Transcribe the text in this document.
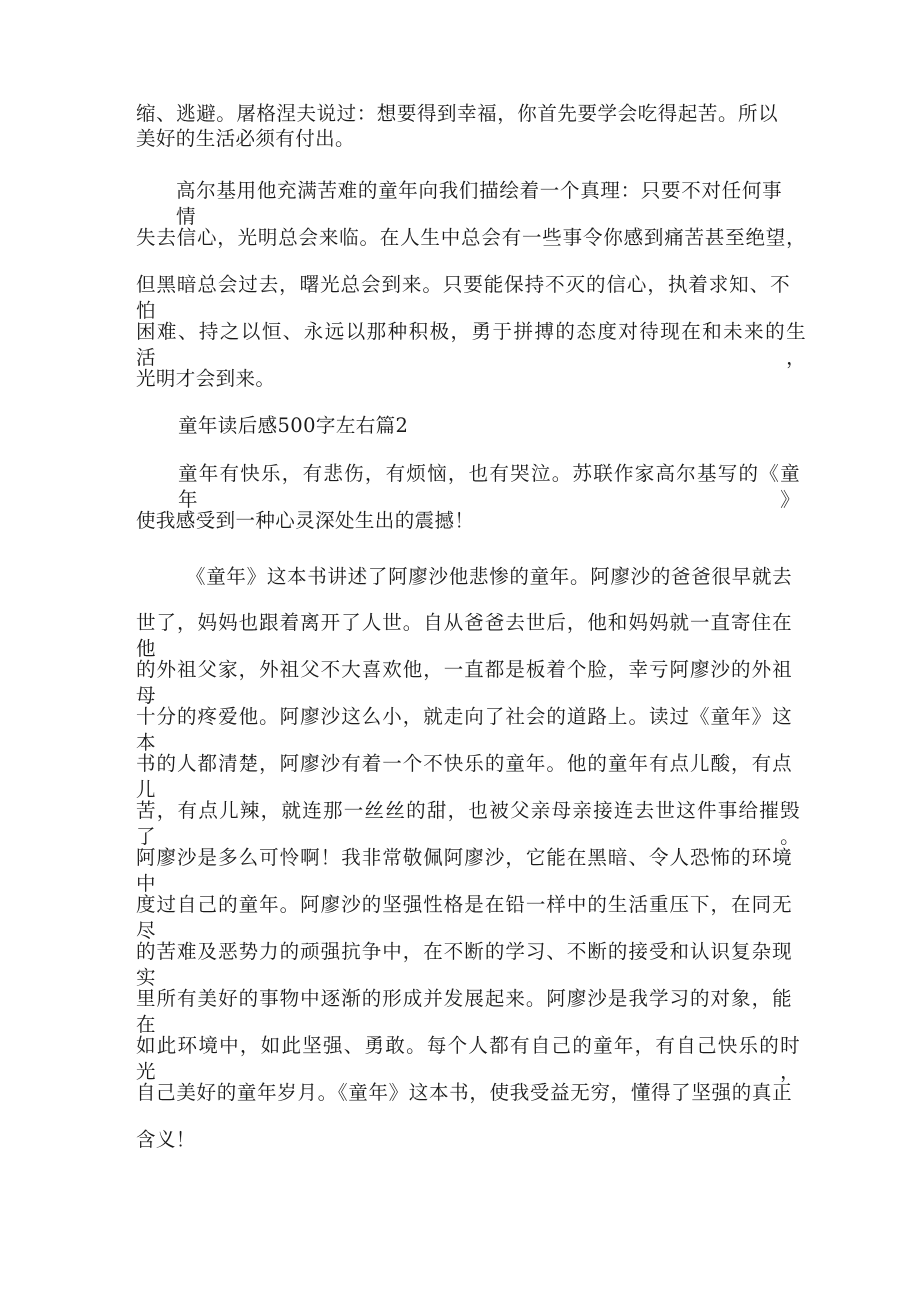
缩、逃避。屠格涅夫说过：想要得到幸福，你首先要学会吃得起苦。所以

美好的生活必须有付出。

高尔基用他充满苦难的童年向我们描绘着一个真理：只要不对任何事情

失去信心，光明总会来临。在人生中总会有一些事令你感到痛苦甚至绝望，

但黑暗总会过去，曙光总会到来。只要能保持不灭的信心，执着求知、不怕

困难、持之以恒、永远以那种积极，勇于拼搏的态度对待现在和未来的生活，

光明才会到来。

童年读后感500字左右篇2

童年有快乐，有悲伤，有烦恼，也有哭泣。苏联作家高尔基写的《童年》

使我感受到一种心灵深处生出的震撼！

《童年》这本书讲述了阿廖沙他悲惨的童年。阿廖沙的爸爸很早就去

世了，妈妈也跟着离开了人世。自从爸爸去世后，他和妈妈就一直寄住在他

的外祖父家，外祖父不大喜欢他，一直都是板着个脸，幸亏阿廖沙的外祖母

十分的疼爱他。阿廖沙这么小，就走向了社会的道路上。读过《童年》这本

书的人都清楚，阿廖沙有着一个不快乐的童年。他的童年有点儿酸，有点儿

苦，有点儿辣，就连那一丝丝的甜，也被父亲母亲接连去世这件事给摧毁了。

阿廖沙是多么可怜啊！我非常敬佩阿廖沙，它能在黑暗、令人恐怖的环境中

度过自己的童年。阿廖沙的坚强性格是在铅一样中的生活重压下，在同无尽

的苦难及恶势力的顽强抗争中，在不断的学习、不断的接受和认识复杂现实

里所有美好的事物中逐渐的形成并发展起来。阿廖沙是我学习的对象，能在

如此环境中，如此坚强、勇敢。每个人都有自己的童年，有自己快乐的时光，

自己美好的童年岁月。《童年》这本书，使我受益无穷，懂得了坚强的真正

含义！
